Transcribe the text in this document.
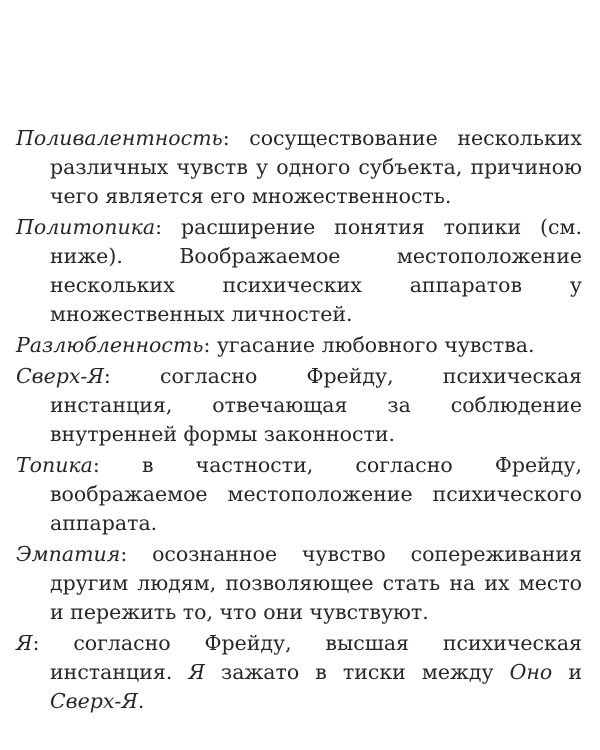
Поливалентность: сосуществование нескольких различных чувств у одного субъекта, причиною чего является его множественность.

Политопика: расширение понятия топики (см. ниже). Воображаемое местоположение нескольких психических аппаратов у множественных личностей.

Разлюбленность: угасание любовного чувства.

Сверх-Я: согласно Фрейду, психическая инстанция, отвечающая за соблюдение внутренней формы законности.

Топика: в частности, согласно Фрейду, воображаемое местоположение психического аппарата.

Эмпатия: осознанное чувство сопереживания другим людям, позволяющее стать на их место и пережить то, что они чувствуют.

Я: согласно Фрейду, высшая психическая инстанция. Я зажато в тиски между Оно и Сверх-Я.
